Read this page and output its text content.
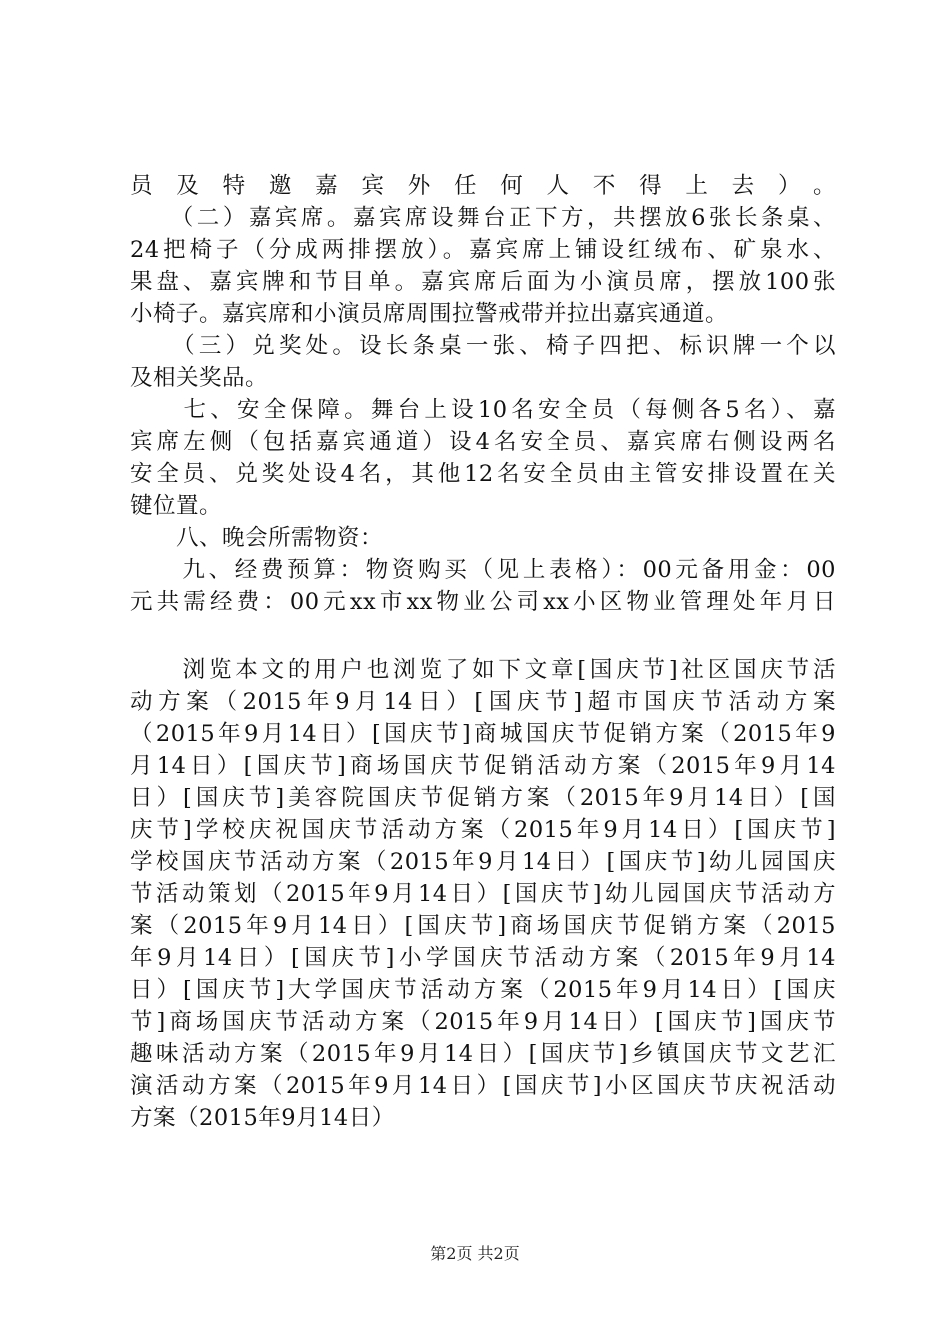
员及特邀嘉宾外任何人不得上去）。
　　（二）嘉宾席。嘉宾席设舞台正下方，共摆放6张长条桌、
24把椅子（分成两排摆放）。嘉宾席上铺设红绒布、矿泉水、
果盘、嘉宾牌和节目单。嘉宾席后面为小演员席，摆放100张
小椅子。嘉宾席和小演员席周围拉警戒带并拉出嘉宾通道。
　　（三）兑奖处。设长条桌一张、椅子四把、标识牌一个以
及相关奖品。
　　七、安全保障。舞台上设10名安全员（每侧各5名）、嘉
宾席左侧（包括嘉宾通道）设4名安全员、嘉宾席右侧设两名
安全员、兑奖处设4名，其他12名安全员由主管安排设置在关
键位置。
　　八、晚会所需物资：
　　九、经费预算：物资购买（见上表格）：00元备用金：00
元共需经费：00元xx市xx物业公司xx小区物业管理处年月日
　　浏览本文的用户也浏览了如下文章[国庆节]社区国庆节活
动方案（2015年9月14日）[国庆节]超市国庆节活动方案
（2015年9月14日）[国庆节]商城国庆节促销方案（2015年9
月14日）[国庆节]商场国庆节促销活动方案（2015年9月14
日）[国庆节]美容院国庆节促销方案（2015年9月14日）[国
庆节]学校庆祝国庆节活动方案（2015年9月14日）[国庆节]
学校国庆节活动方案（2015年9月14日）[国庆节]幼儿园国庆
节活动策划（2015年9月14日）[国庆节]幼儿园国庆节活动方
案（2015年9月14日）[国庆节]商场国庆节促销方案（2015
年9月14日）[国庆节]小学国庆节活动方案（2015年9月14
日）[国庆节]大学国庆节活动方案（2015年9月14日）[国庆
节]商场国庆节活动方案（2015年9月14日）[国庆节]国庆节
趣味活动方案（2015年9月14日）[国庆节]乡镇国庆节文艺汇
演活动方案（2015年9月14日）[国庆节]小区国庆节庆祝活动
方案（2015年9月14日）
第2页 共2页
